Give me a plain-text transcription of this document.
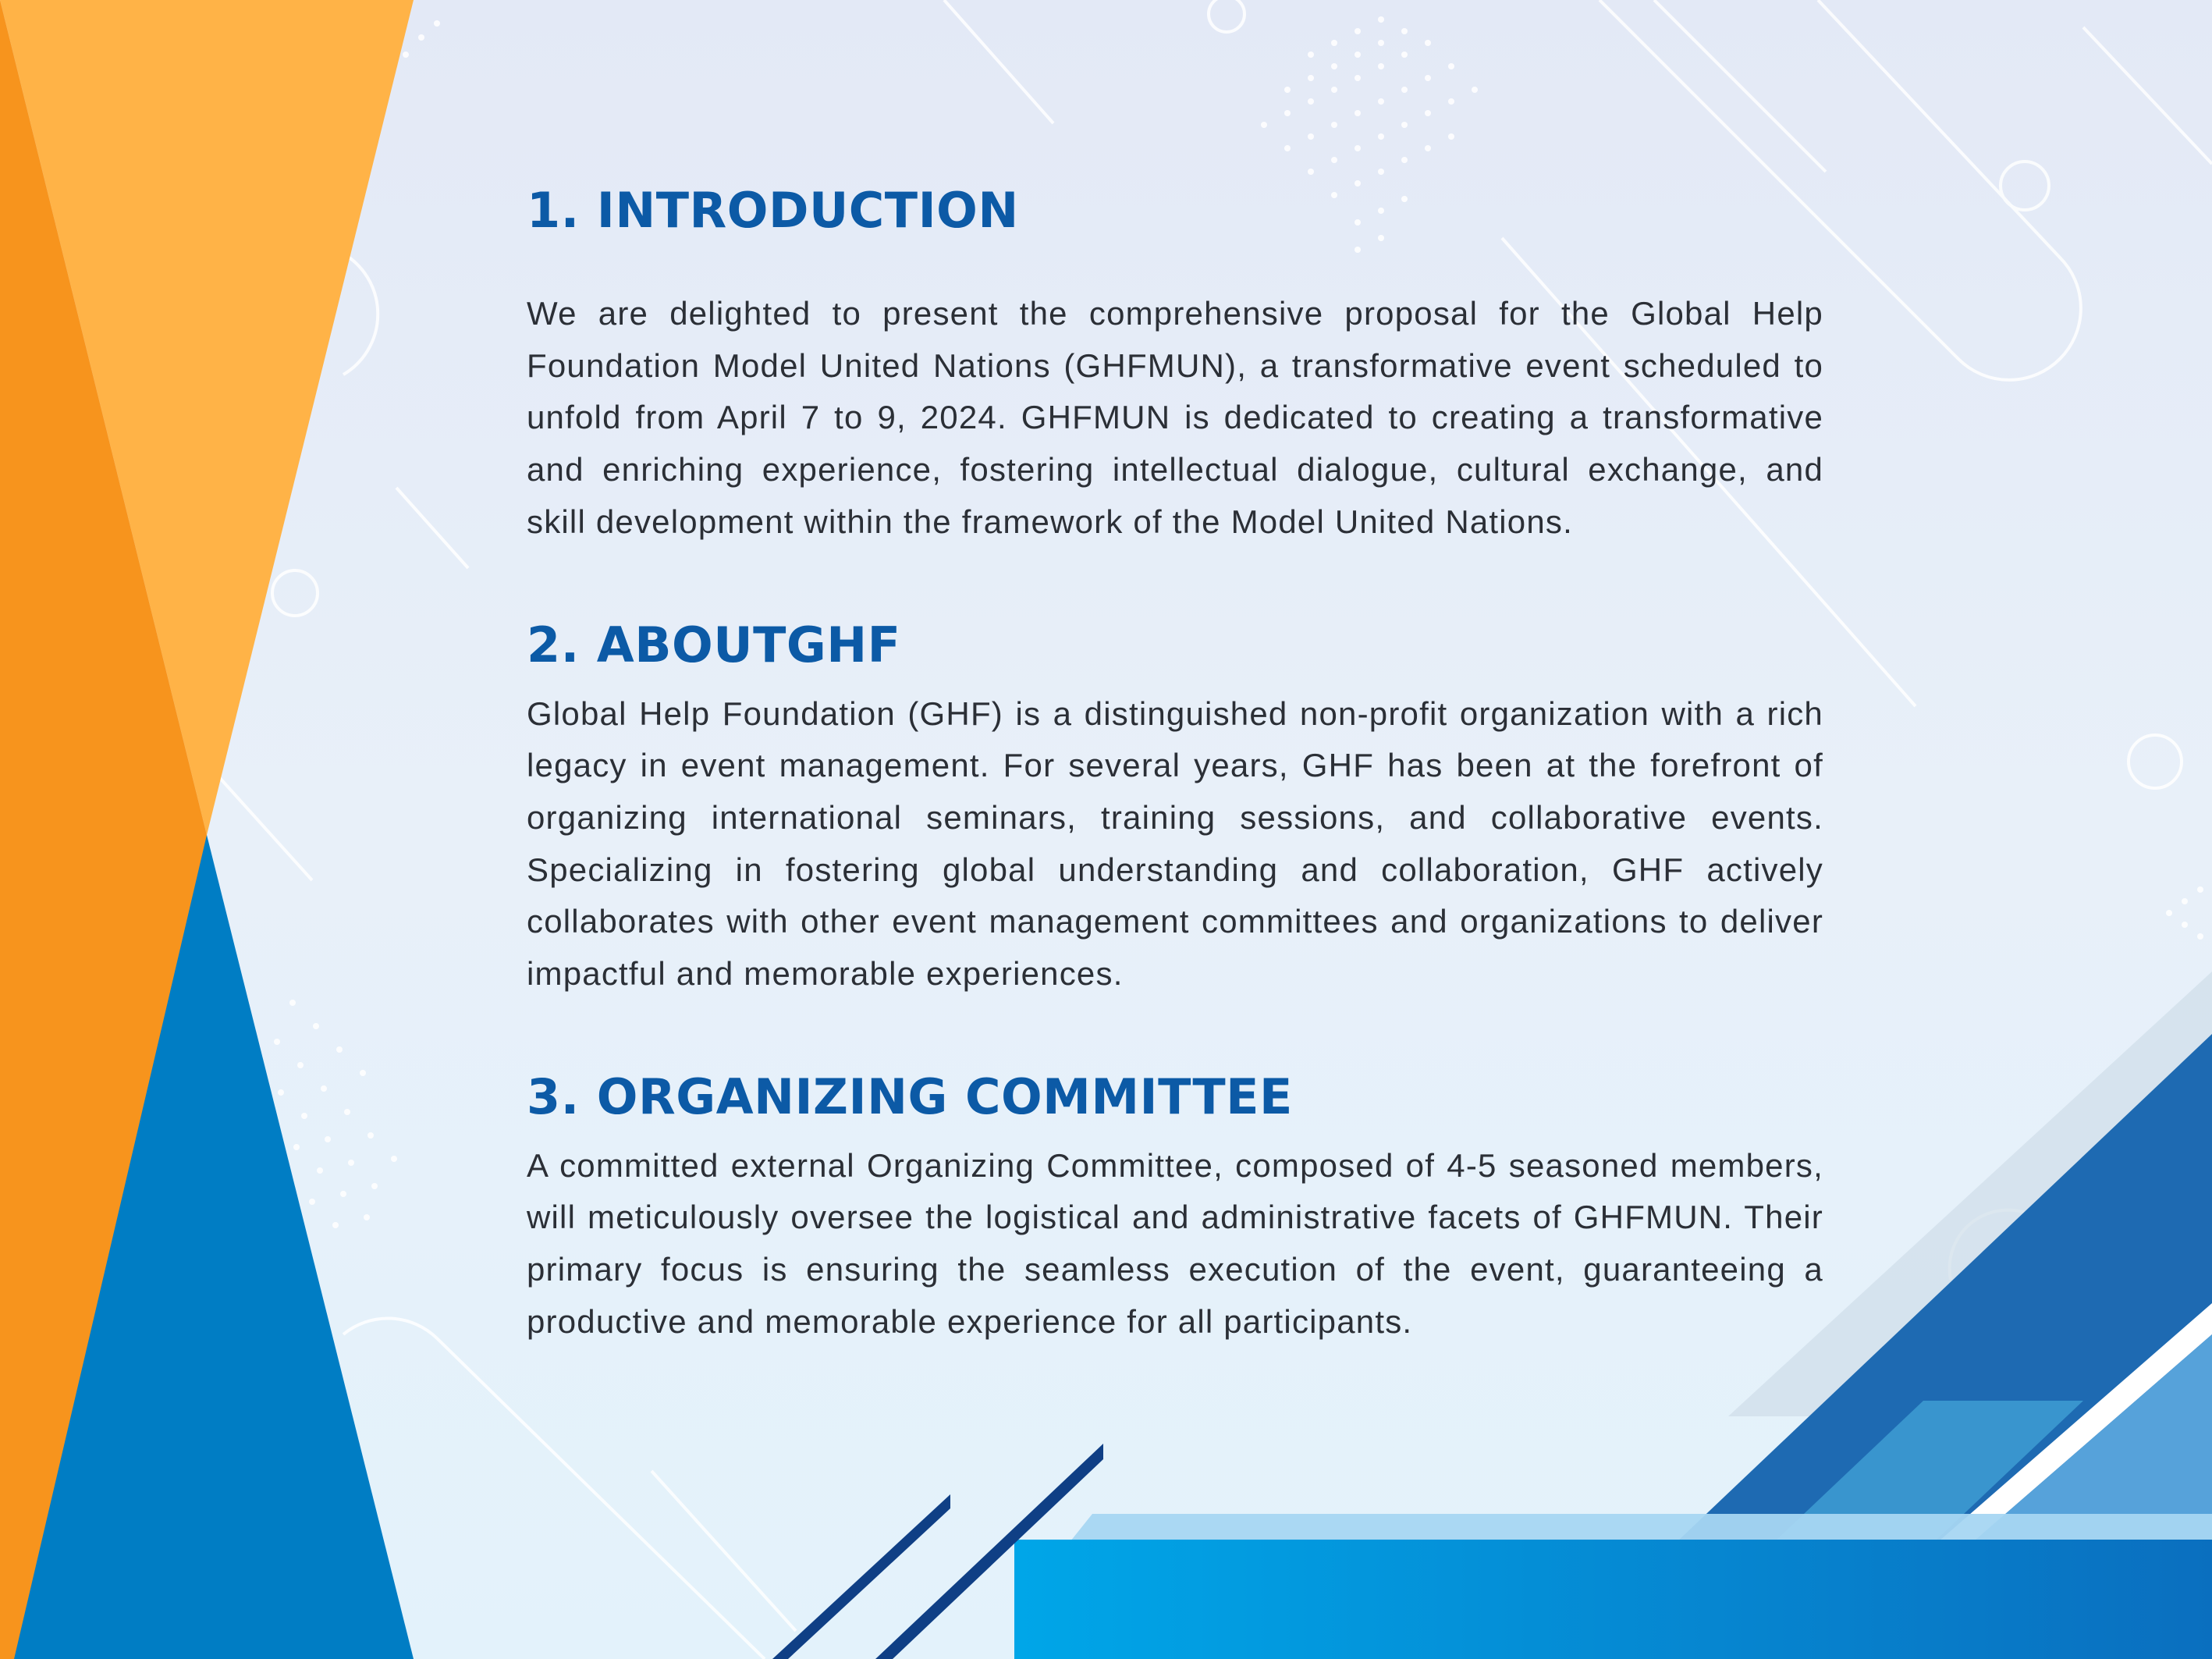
1. INTRODUCTION

We are delighted to present the comprehensive proposal for the Global Help Foundation Model United Nations (GHFMUN), a transformative event scheduled to unfold from April 7 to 9, 2024. GHFMUN is dedicated to creating a transformative and enriching experience, fostering intellectual dialogue, cultural exchange, and skill development within the framework of the Model United Nations.

2. ABOUTGHF

Global Help Foundation (GHF) is a distinguished non-profit organization with a rich legacy in event management. For several years, GHF has been at the forefront of organizing international seminars, training sessions, and collaborative events. Specializing in fostering global understanding and collaboration, GHF actively collaborates with other event management committees and organizations to deliver impactful and memorable experiences.

3. ORGANIZING COMMITTEE

A committed external Organizing Committee, composed of 4-5 seasoned members, will meticulously oversee the logistical and administrative facets of GHFMUN. Their primary focus is ensuring the seamless execution of the event, guaranteeing a productive and memorable experience for all participants.
